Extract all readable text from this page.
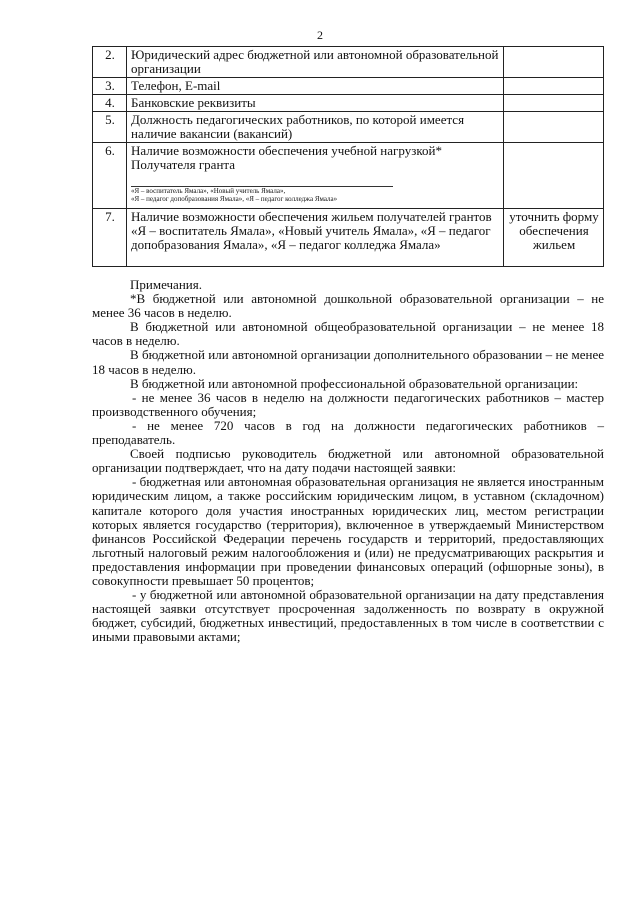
2
2.	Юридический адрес бюджетной или автономной образовательной организации	
3.	Телефон, E-mail	
4.	Банковские реквизиты	
5.	Должность педагогических работников, по которой имеется наличие вакансии (вакансий)	
6.	Наличие возможности обеспечения учебной нагрузкой* Получателя гранта
«Я – воспитатель Ямала», «Новый учитель Ямала»,
«Я – педагог допобразования Ямала», «Я – педагог колледжа Ямала»	

7.	Наличие возможности обеспечения жильем получателей грантов «Я – воспитатель Ямала», «Новый учитель Ямала», «Я – педагог допобразования Ямала», «Я – педагог колледжа Ямала»	уточнить форму обеспечения жильем

Примечания.

*В бюджетной или автономной дошкольной образовательной организации – не менее 36 часов в неделю.

В бюджетной или автономной общеобразовательной организации – не менее 18 часов в неделю.

В бюджетной или автономной организации дополнительного образовании – не менее 18 часов в неделю.

В бюджетной или автономной профессиональной образовательной организации:

- не менее 36 часов в неделю на должности педагогических работников – мастер производственного обучения;

- не менее 720 часов в год на должности педагогических работников – преподаватель.

Своей подписью руководитель бюджетной или автономной образовательной организации подтверждает, что на дату подачи настоящей заявки:

- бюджетная или автономная образовательная организация не является иностранным юридическим лицом, а также российским юридическим лицом, в уставном (складочном) капитале которого доля участия иностранных юридических лиц, местом регистрации которых является государство (территория), включенное в утверждаемый Министерством финансов Российской Федерации перечень государств и территорий, предоставляющих льготный налоговый режим налогообложения и (или) не предусматривающих раскрытия и предоставления информации при проведении финансовых операций (офшорные зоны), в совокупности превышает 50 процентов;

- у бюджетной или автономной образовательной организации на дату представления настоящей заявки отсутствует просроченная задолженность по возврату в окружной бюджет, субсидий, бюджетных инвестиций, предоставленных в том числе в соответствии с иными правовыми актами;
